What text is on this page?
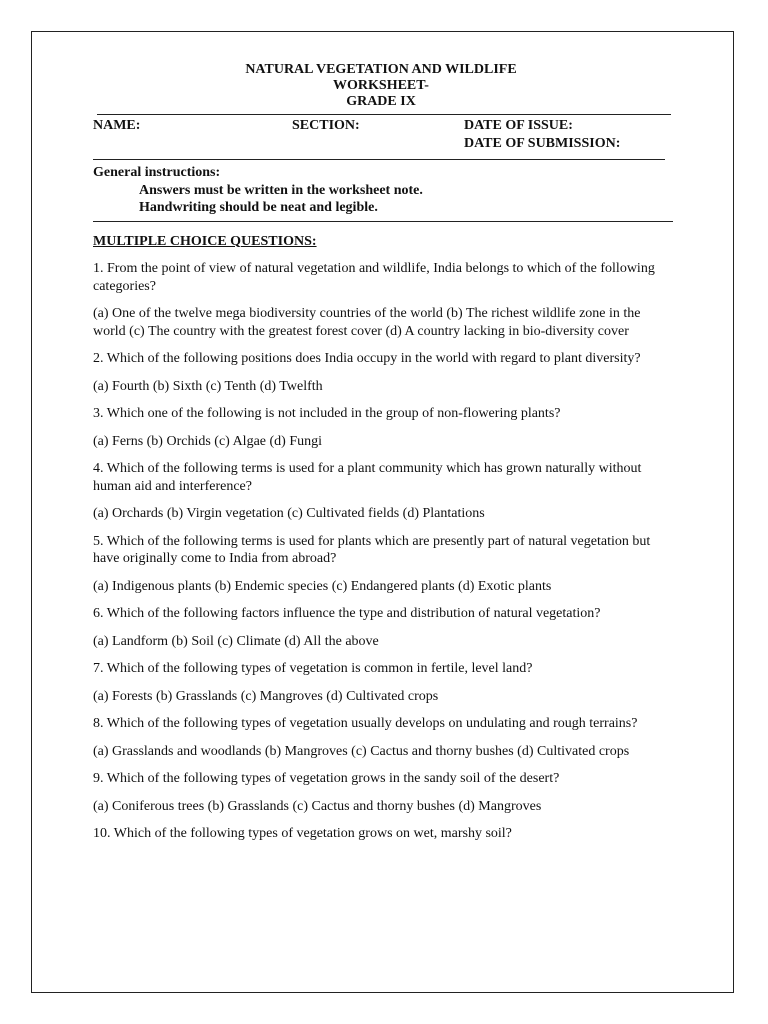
NATURAL VEGETATION AND WILDLIFE
WORKSHEET-
GRADE IX
NAME:	SECTION:	DATE OF ISSUE:
DATE OF SUBMISSION:
General instructions:
Answers must be written in the worksheet note.
Handwriting should be neat and legible.
MULTIPLE CHOICE QUESTIONS:
1. From the point of view of natural vegetation and wildlife, India belongs to which of the following categories?
(a) One of the twelve mega biodiversity countries of the world (b) The richest wildlife zone in the world (c) The country with the greatest forest cover (d) A country lacking in bio-diversity cover
2. Which of the following positions does India occupy in the world with regard to plant diversity?
(a) Fourth (b) Sixth (c) Tenth (d) Twelfth
3. Which one of the following is not included in the group of non-flowering plants?
(a) Ferns (b) Orchids (c) Algae (d) Fungi
4. Which of the following terms is used for a plant community which has grown naturally without human aid and interference?
(a) Orchards (b) Virgin vegetation (c) Cultivated fields (d) Plantations
5. Which of the following terms is used for plants which are presently part of natural vegetation but have originally come to India from abroad?
(a) Indigenous plants (b) Endemic species (c) Endangered plants (d) Exotic plants
6. Which of the following factors influence the type and distribution of natural vegetation?
(a) Landform (b) Soil (c) Climate (d) All the above
7. Which of the following types of vegetation is common in fertile, level land?
(a) Forests (b) Grasslands (c) Mangroves (d) Cultivated crops
8. Which of the following types of vegetation usually develops on undulating and rough terrains?
(a) Grasslands and woodlands (b) Mangroves (c) Cactus and thorny bushes (d) Cultivated crops
9. Which of the following types of vegetation grows in the sandy soil of the desert?
(a) Coniferous trees (b) Grasslands (c) Cactus and thorny bushes (d) Mangroves
10. Which of the following types of vegetation grows on wet, marshy soil?
